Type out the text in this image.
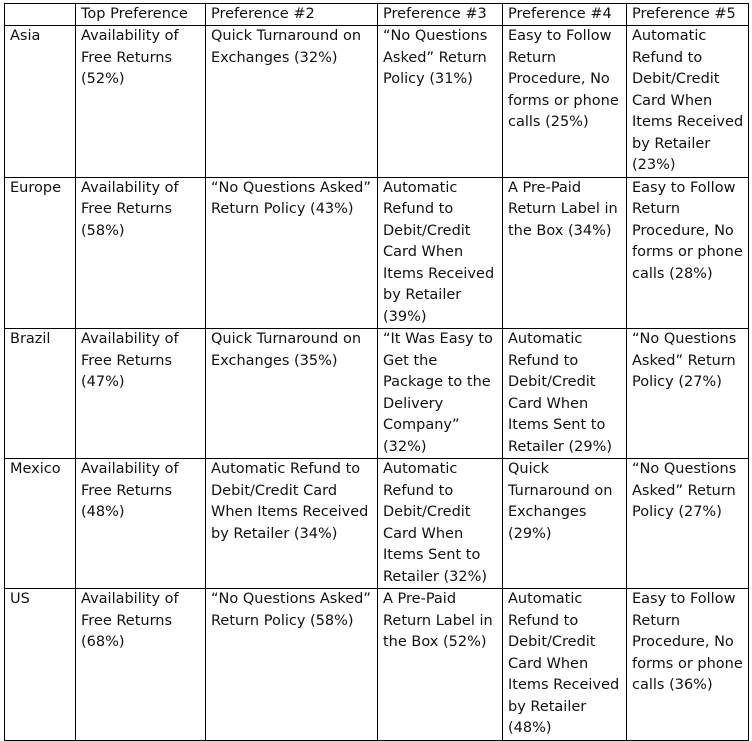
	Top Preference	Preference #2	Preference #3	Preference #4	Preference #5
Asia	Availability of Free Returns (52%)	Quick Turnaround on Exchanges (32%)	“No Questions Asked” Return Policy (31%)	Easy to Follow Return Procedure, No forms or phone calls (25%)	Automatic Refund to Debit/Credit Card When Items Received by Retailer (23%)
Europe	Availability of Free Returns (58%)	“No Questions Asked” Return Policy (43%)	Automatic Refund to Debit/Credit Card When Items Received by Retailer (39%)	A Pre-Paid Return Label in the Box (34%)	Easy to Follow Return Procedure, No forms or phone calls (28%)
Brazil	Availability of Free Returns (47%)	Quick Turnaround on Exchanges (35%)	“It Was Easy to Get the Package to the Delivery Company” (32%)	Automatic Refund to Debit/Credit Card When Items Sent to Retailer (29%)	“No Questions Asked” Return Policy (27%)
Mexico	Availability of Free Returns (48%)	Automatic Refund to Debit/Credit Card When Items Received by Retailer (34%)	Automatic Refund to Debit/Credit Card When Items Sent to Retailer (32%)	Quick Turnaround on Exchanges (29%)	“No Questions Asked” Return Policy (27%)
US	Availability of Free Returns (68%)	“No Questions Asked” Return Policy (58%)	A Pre-Paid Return Label in the Box (52%)	Automatic Refund to Debit/Credit Card When Items Received by Retailer (48%)	Easy to Follow Return Procedure, No forms or phone calls (36%)
